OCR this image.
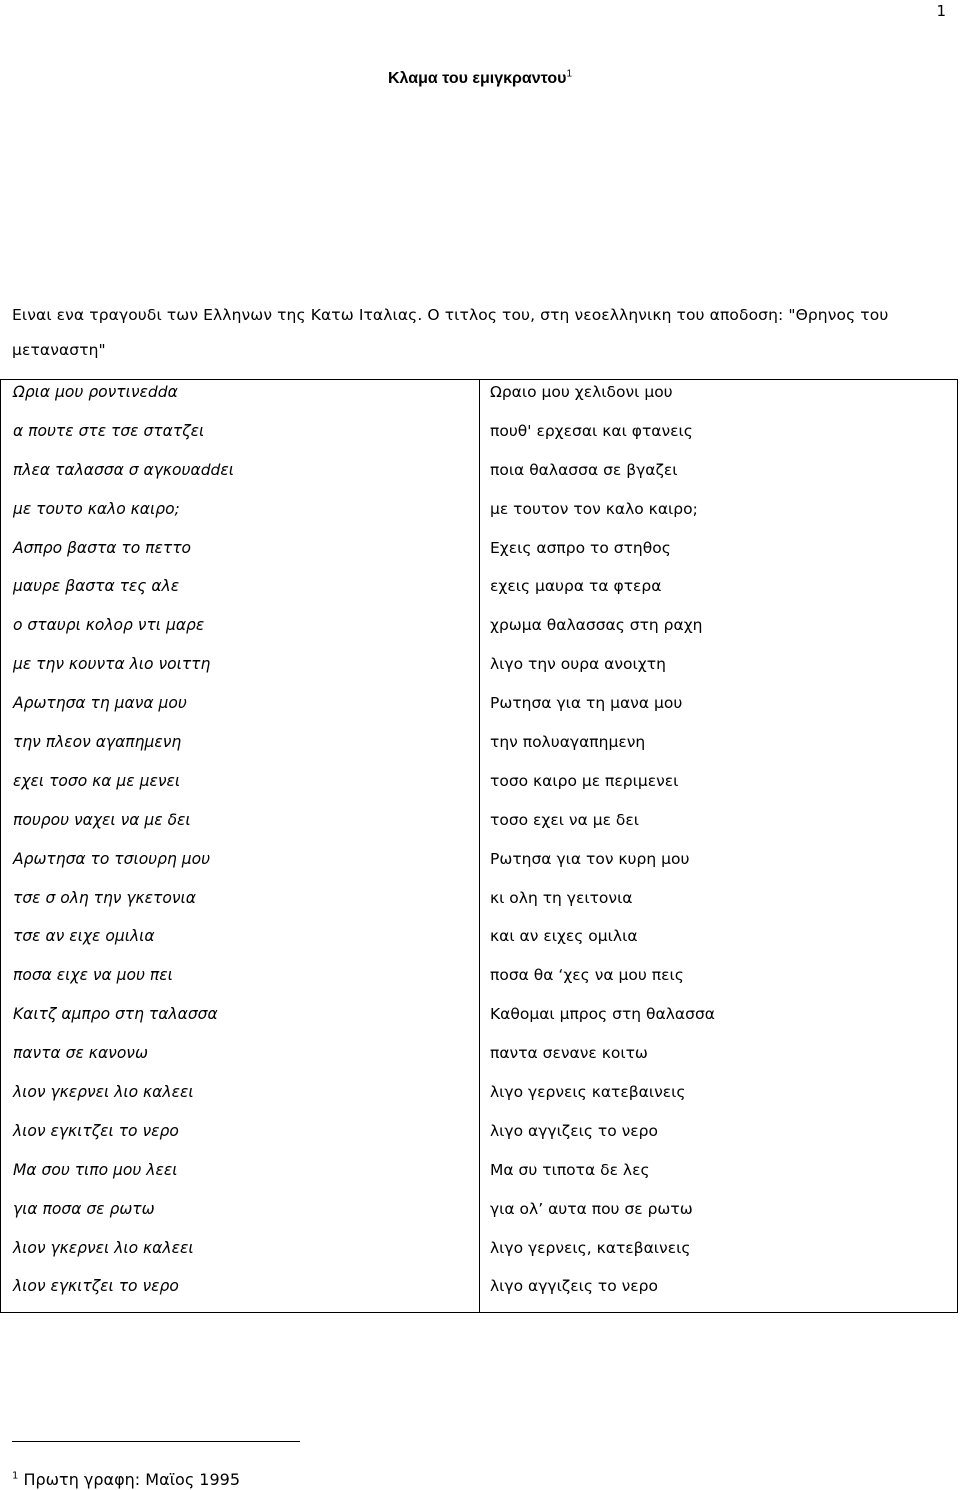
1
Κλαμα του εμιγκραντου$^1$
Ειναι ενα τραγουδι των Ελληνων της Κατω Ιταλιας. Ο τιτλος του, στη νεοελληνικη του αποδοση: "Θρηνος του μεταναστη"
Ωρια μου ροντινεddα
α πουτε στε τσε στατζει
πλεα ταλασσα σ αγκουαddει
με τουτο καλο καιρο;
Ασπρο βαστα το πεττο
μαυρε βαστα τες αλε
ο σταυρι κολορ ντι μαρε
με την κουντα λιο νοιττη
Αρωτησα τη μανα μου
την πλεον αγαπημενη
εχει τοσο κα με μενει
πουρου ναχει να με δει
Αρωτησα το τσιουρη μου
τσε σ ολη την γκετονια
τσε αν ειχε ομιλια
ποσα ειχε να μου πει
Καιτζ αμπρο στη ταλασσα
παντα σε κανονω
λιον γκερνει λιο καλεει
λιον εγκιτζει το νερο
Μα σου τιπο μου λεει
για ποσα σε ρωτω
λιον γκερνει λιο καλεει
λιον εγκιτζει το νερο
Ωραιο μου χελιδονι μου
πουθ' ερχεσαι και φτανεις
ποια θαλασσα σε βγαζει
με τουτον τον καλο καιρο;
Εχεις ασπρο το στηθος
εχεις μαυρα τα φτερα
χρωμα θαλασσας στη ραχη
λιγο την ουρα ανοιχτη
Ρωτησα για τη μανα μου
την πολυαγαπημενη
τοσο καιρο με περιμενει
τοσο εχει να με δει
Ρωτησα για τον κυρη μου
κι ολη τη γειτονια
και αν ειχες ομιλια
ποσα θα ‘χες να μου πεις
Καθομαι μπρος στη θαλασσα
παντα σενανε κοιτω
λιγο γερνεις κατεβαινεις
λιγο αγγιζεις το νερο
Μα συ τιποτα δε λες
για ολ’ αυτα που σε ρωτω
λιγο γερνεις, κατεβαινεις
λιγο αγγιζεις το νερο
$^1$ Πρωτη γραφη: Μαϊος 1995
